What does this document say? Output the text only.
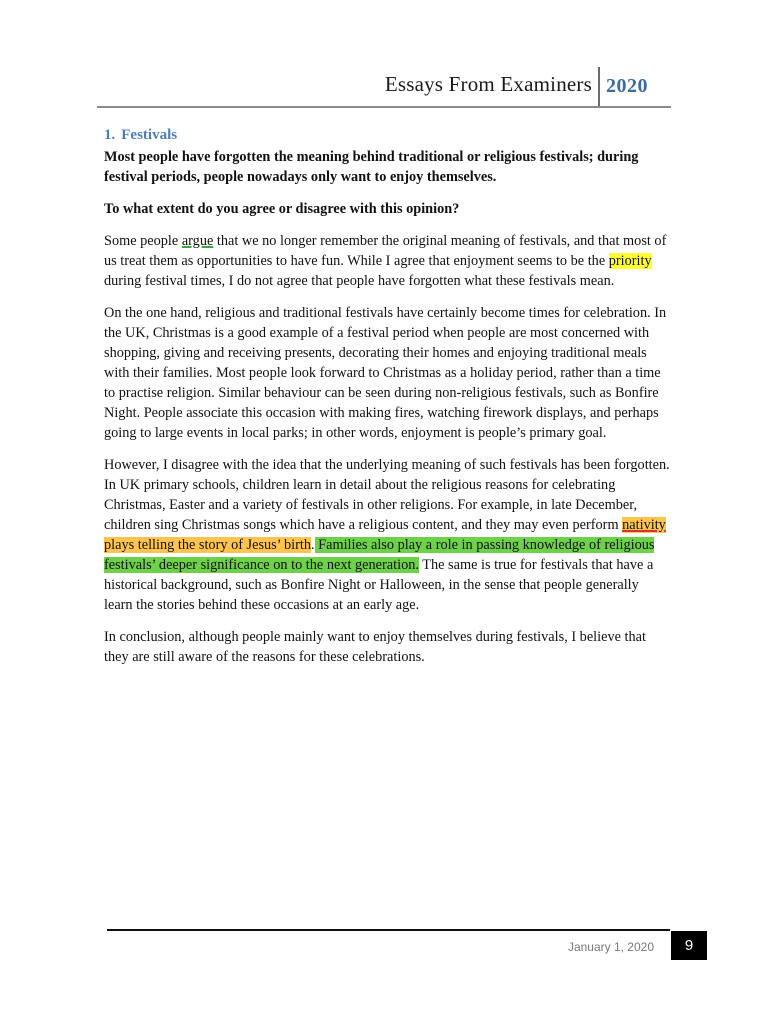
Essays From Examiners 2020
1. Festivals

Most people have forgotten the meaning behind traditional or religious festivals; during festival periods, people nowadays only want to enjoy themselves.

To what extent do you agree or disagree with this opinion?

Some people argue that we no longer remember the original meaning of festivals, and that most of us treat them as opportunities to have fun. While I agree that enjoyment seems to be the priority during festival times, I do not agree that people have forgotten what these festivals mean.

On the one hand, religious and traditional festivals have certainly become times for celebration. In the UK, Christmas is a good example of a festival period when people are most concerned with shopping, giving and receiving presents, decorating their homes and enjoying traditional meals with their families. Most people look forward to Christmas as a holiday period, rather than a time to practise religion. Similar behaviour can be seen during non-religious festivals, such as Bonfire Night. People associate this occasion with making fires, watching firework displays, and perhaps going to large events in local parks; in other words, enjoyment is people’s primary goal.

However, I disagree with the idea that the underlying meaning of such festivals has been forgotten. In UK primary schools, children learn in detail about the religious reasons for celebrating Christmas, Easter and a variety of festivals in other religions. For example, in late December, children sing Christmas songs which have a religious content, and they may even perform nativity plays telling the story of Jesus’ birth. Families also play a role in passing knowledge of religious festivals’ deeper significance on to the next generation. The same is true for festivals that have a historical background, such as Bonfire Night or Halloween, in the sense that people generally learn the stories behind these occasions at an early age.

In conclusion, although people mainly want to enjoy themselves during festivals, I believe that they are still aware of the reasons for these celebrations.

January 1, 2020	9
